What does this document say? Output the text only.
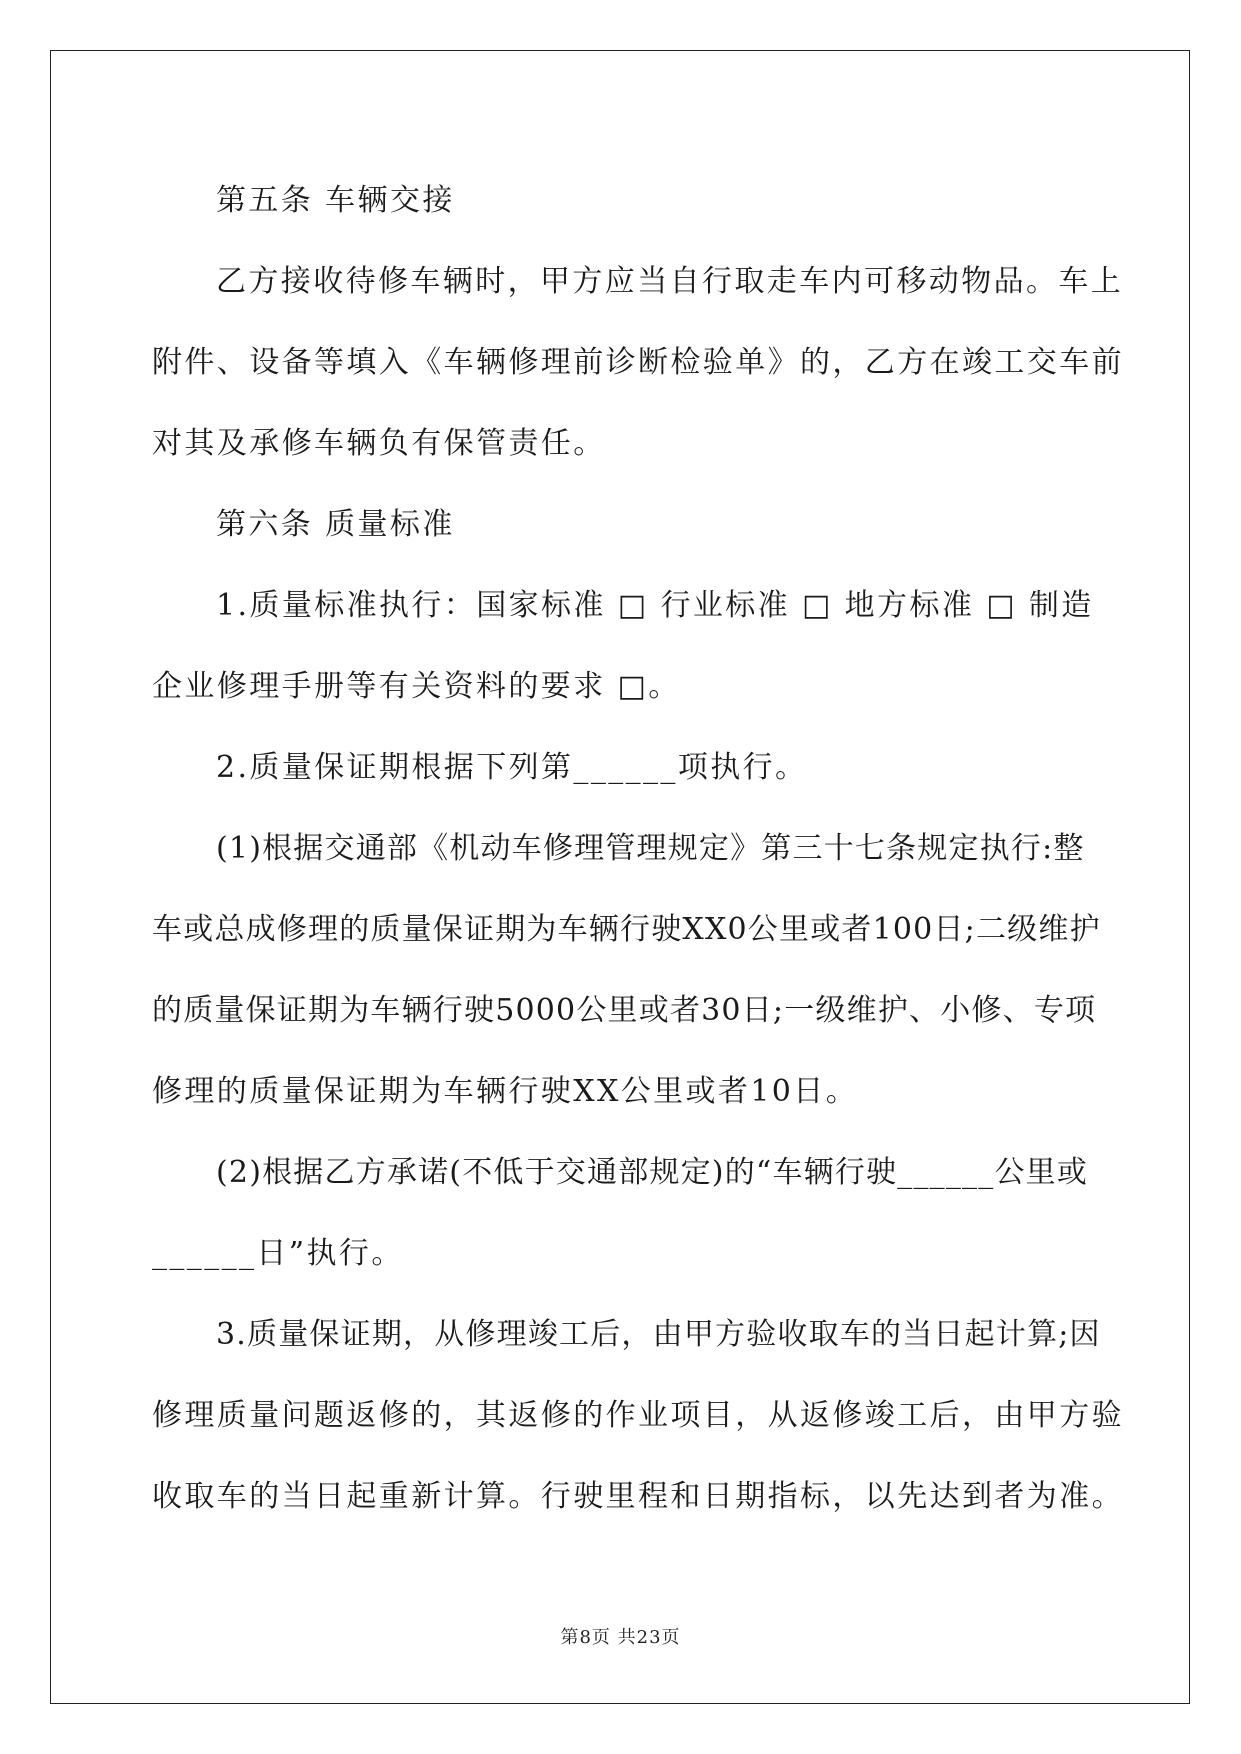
第五条 车辆交接
乙方接收待修车辆时，甲方应当自行取走车内可移动物品。车上
附件、设备等填入《车辆修理前诊断检验单》的，乙方在竣工交车前
对其及承修车辆负有保管责任。
第六条 质量标准
1.质量标准执行：国家标准 □ 行业标准 □ 地方标准 □ 制造
企业修理手册等有关资料的要求 □。
2.质量保证期根据下列第______项执行。
(1)根据交通部《机动车修理管理规定》第三十七条规定执行:整
车或总成修理的质量保证期为车辆行驶XX0公里或者100日;二级维护
的质量保证期为车辆行驶5000公里或者30日;一级维护、小修、专项
修理的质量保证期为车辆行驶XX公里或者10日。
(2)根据乙方承诺(不低于交通部规定)的“车辆行驶______公里或
______日”执行。
3.质量保证期，从修理竣工后，由甲方验收取车的当日起计算;因
修理质量问题返修的，其返修的作业项目，从返修竣工后，由甲方验
收取车的当日起重新计算。行驶里程和日期指标，以先达到者为准。
第8页 共23页
